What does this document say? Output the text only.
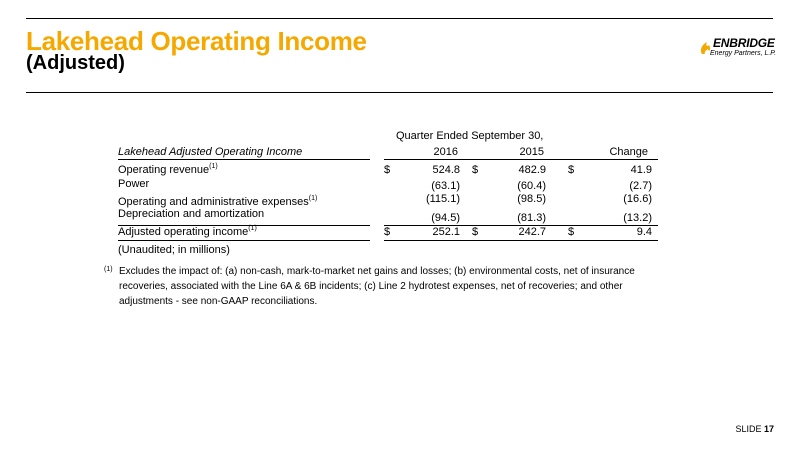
Lakehead Operating Income
(Adjusted)
ENBRIDGE
Energy Partners, L.P.
Quarter Ended September 30,
Lakehead Adjusted Operating Income	2016	2015	Change
Operating revenue$^{(1)}$	$	524.8 $	482.9 $	41.9
Power	(63.1)	(60.4)	(2.7)
Operating and administrative expenses$^{(1)}$	(115.1)	(98.5)	(16.6)
Depreciation and amortization	(94.5)	(81.3)	(13.2)
Adjusted operating income$^{(1)}$	$	252.1 $	242.7 $	9.4
(Unaudited; in millions)
(1) Excludes the impact of: (a) non-cash, mark-to-market net gains and losses; (b) environmental costs, net of insurance recoveries, associated with the Line 6A & 6B incidents; (c) Line 2 hydrotest expenses, net of recoveries; and other adjustments - see non-GAAP reconciliations.
SLIDE 17
